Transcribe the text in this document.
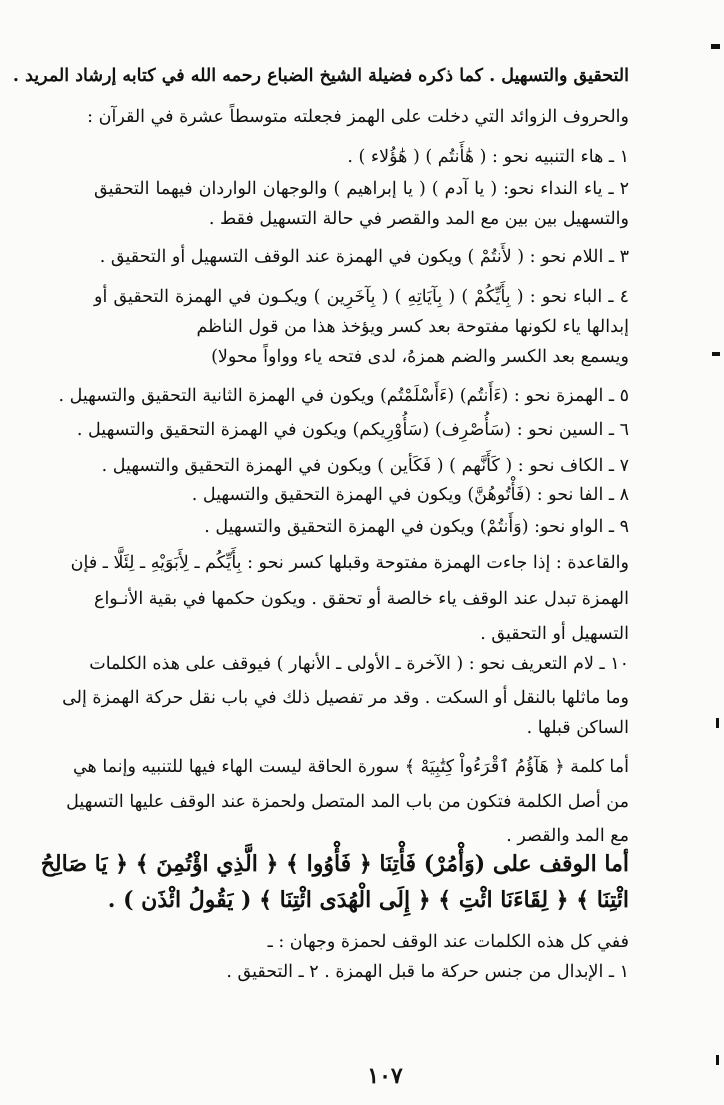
التحقيق والتسهيل . كما ذكره فضيلة الشيخ الضباع رحمه الله في كتابه إرشاد المريد .
والحروف الزوائد التي دخلت على الهمز فجعلته متوسطاً عشرة في القرآن :
١ ـ هاء التنبيه نحو : ( هَٰأَنتُم ) ( هَٰؤُلاء ) .
٢ ـ ياء النداء نحو: ( يا آدم ) ( يا إبراهيم ) والوجهان الواردان فيهما التحقيق
والتسهيل بين بين مع المد والقصر في حالة التسهيل فقط .
٣ ـ اللام نحو : ( لأَنتُمْ ) ويكون في الهمزة عند الوقف التسهيل أو التحقيق .
٤ ـ الباء نحو : ( بِأَيِّكُمْ ) ( بِآيَاتِهِ ) ( بِآخَرِين ) ويكـون في الهمزة التحقيق أو
إبدالها ياء لكونها مفتوحة بعد كسر ويؤخذ هذا من قول الناظم
ويسمع بعد الكسر والضم همزهُ، لدى فتحه ياء وواواً محولا)
٥ ـ الهمزة نحو : (ءَأَنتُم) (ءَأَسْلَمْتُم) ويكون في الهمزة الثانية التحقيق والتسهيل .
٦ ـ السين نحو : (سَأُصْرِف) (سَأُوْرِيكم) ويكون في الهمزة التحقيق والتسهيل .
٧ ـ الكاف نحو : ( كَأَنَّهم ) ( فَكَأين ) ويكون في الهمزة التحقيق والتسهيل .
٨ ـ الفا نحو : (فَأْتُوهُنَّ) ويكون في الهمزة التحقيق والتسهيل .
٩ ـ الواو نحو: (وَأَنتُمْ) ويكون في الهمزة التحقيق والتسهيل .
والقاعدة : إذا جاءت الهمزة مفتوحة وقبلها كسر نحو : بِأَيِّكُم ـ لِأَبَوَيْهِ ـ لِئَلَّا ـ فإن
الهمزة تبدل عند الوقف ياء خالصة أو تحقق . ويكون حكمها في بقية الأنـواع
التسهيل أو التحقيق .
١٠ ـ لام التعريف نحو : ( الآخرة ـ الأولى ـ الأنهار ) فيوقف على هذه الكلمات
وما ماثلها بالنقل أو السكت . وقد مر تفصيل ذلك في باب نقل حركة الهمزة إلى
الساكن قبلها .
أما كلمة ﴿ هَآؤُمُ ٱقْرَءُواْ كِتَٰبِيَهْ ﴾ سورة الحاقة ليست الهاء فيها للتنبيه وإنما هي
من أصل الكلمة فتكون من باب المد المتصل ولحمزة عند الوقف عليها التسهيل
مع المد والقصر .
أما الوقف على (وَأْمُرْ) فَأْتِنَا ﴿ فَأْوُوا ﴾ ﴿ الَّذِي اؤْتُمِنَ ﴾ ﴿ يَا صَالِحُ
ائْتِنَا ﴾ ﴿ لِقَاءَنَا ائْتِ ﴾ ﴿ إِلَى الْهُدَى ائْتِنَا ﴾ ( يَقُولُ ائْذَن ) .
ففي كل هذه الكلمات عند الوقف لحمزة وجهان : ـ
١ ـ الإبدال من جنس حركة ما قبل الهمزة . ٢ ـ التحقيق .
١٠٧
